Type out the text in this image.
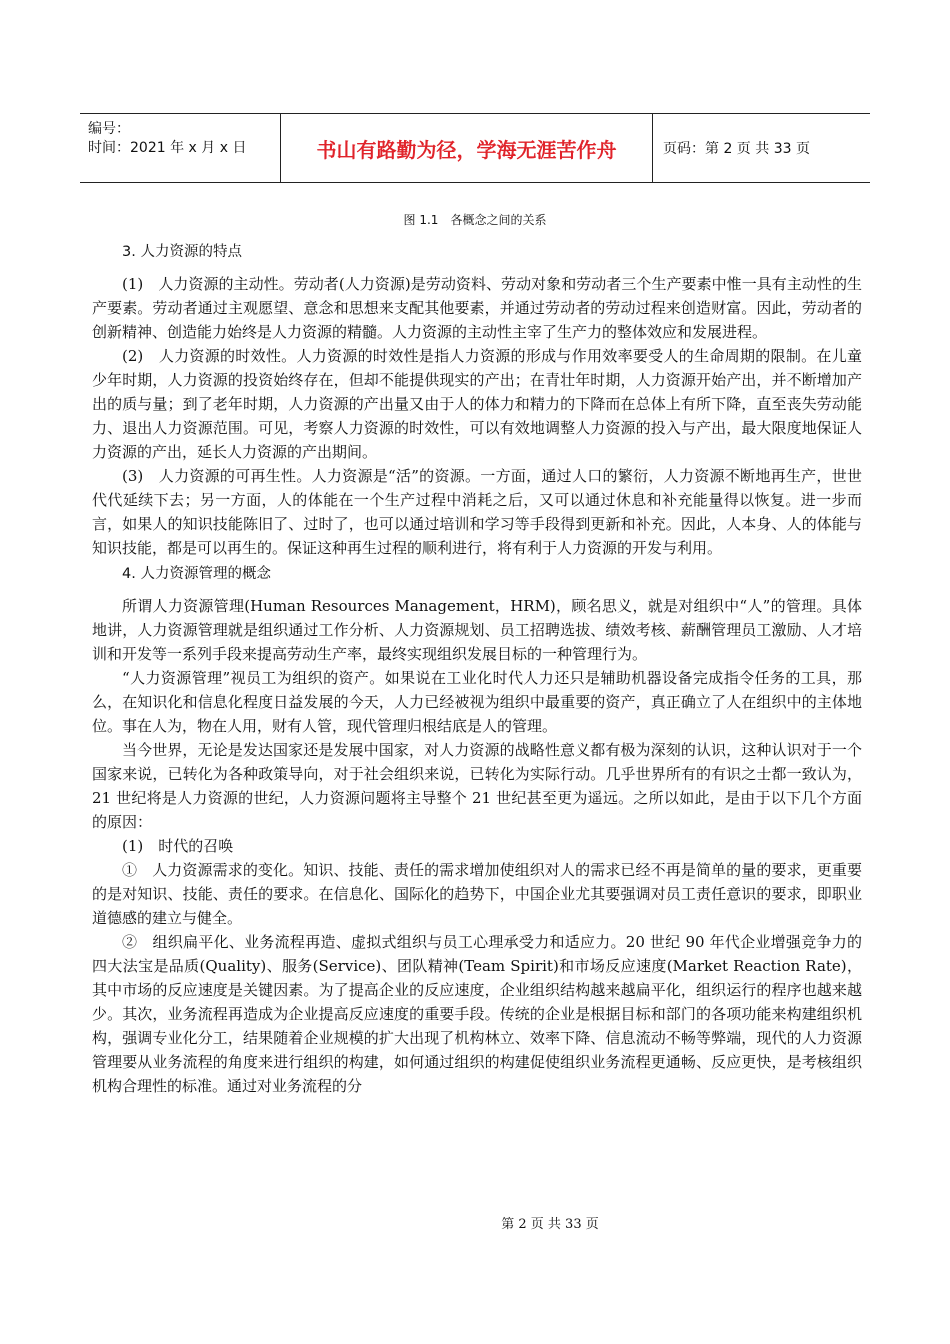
编号：
时间：2021 年 x 月 x 日	书山有路勤为径，学海无涯苦作舟	页码：第 2 页 共 33 页
图 1.1　各概念之间的关系
3. 人力资源的特点

(1)　人力资源的主动性。劳动者(人力资源)是劳动资料、劳动对象和劳动者三个生产要素中惟一具有主动性的生产要素。劳动者通过主观愿望、意念和思想来支配其他要素，并通过劳动者的劳动过程来创造财富。因此，劳动者的创新精神、创造能力始终是人力资源的精髓。人力资源的主动性主宰了生产力的整体效应和发展进程。

(2)　人力资源的时效性。人力资源的时效性是指人力资源的形成与作用效率要受人的生命周期的限制。在儿童少年时期，人力资源的投资始终存在，但却不能提供现实的产出；在青壮年时期，人力资源开始产出，并不断增加产出的质与量；到了老年时期，人力资源的产出量又由于人的体力和精力的下降而在总体上有所下降，直至丧失劳动能力、退出人力资源范围。可见，考察人力资源的时效性，可以有效地调整人力资源的投入与产出，最大限度地保证人力资源的产出，延长人力资源的产出期间。

(3)　人力资源的可再生性。人力资源是“活”的资源。一方面，通过人口的繁衍，人力资源不断地再生产，世世代代延续下去；另一方面，人的体能在一个生产过程中消耗之后，又可以通过休息和补充能量得以恢复。进一步而言，如果人的知识技能陈旧了、过时了，也可以通过培训和学习等手段得到更新和补充。因此，人本身、人的体能与知识技能，都是可以再生的。保证这种再生过程的顺利进行，将有利于人力资源的开发与利用。

4. 人力资源管理的概念

所谓人力资源管理(Human Resources Management，HRM)，顾名思义，就是对组织中“人”的管理。具体地讲，人力资源管理就是组织通过工作分析、人力资源规划、员工招聘选拔、绩效考核、薪酬管理员工激励、人才培训和开发等一系列手段来提高劳动生产率，最终实现组织发展目标的一种管理行为。

“人力资源管理”视员工为组织的资产。如果说在工业化时代人力还只是辅助机器设备完成指令任务的工具，那么，在知识化和信息化程度日益发展的今天，人力已经被视为组织中最重要的资产，真正确立了人在组织中的主体地位。事在人为，物在人用，财有人管，现代管理归根结底是人的管理。

当今世界，无论是发达国家还是发展中国家，对人力资源的战略性意义都有极为深刻的认识，这种认识对于一个国家来说，已转化为各种政策导向，对于社会组织来说，已转化为实际行动。几乎世界所有的有识之士都一致认为，21 世纪将是人力资源的世纪，人力资源问题将主导整个 21 世纪甚至更为遥远。之所以如此，是由于以下几个方面的原因：

(1)　时代的召唤

①　人力资源需求的变化。知识、技能、责任的需求增加使组织对人的需求已经不再是简单的量的要求，更重要的是对知识、技能、责任的要求。在信息化、国际化的趋势下，中国企业尤其要强调对员工责任意识的要求，即职业道德感的建立与健全。

②　组织扁平化、业务流程再造、虚拟式组织与员工心理承受力和适应力。20 世纪 90 年代企业增强竞争力的四大法宝是品质(Quality)、服务(Service)、团队精神(Team Spirit)和市场反应速度(Market Reaction Rate)，其中市场的反应速度是关键因素。为了提高企业的反应速度，企业组织结构越来越扁平化，组织运行的程序也越来越少。其次，业务流程再造成为企业提高反应速度的重要手段。传统的企业是根据目标和部门的各项功能来构建组织机构，强调专业化分工，结果随着企业规模的扩大出现了机构林立、效率下降、信息流动不畅等弊端，现代的人力资源管理要从业务流程的角度来进行组织的构建，如何通过组织的构建促使组织业务流程更通畅、反应更快，是考核组织机构合理性的标准。通过对业务流程的分

第 2 页 共 33 页
